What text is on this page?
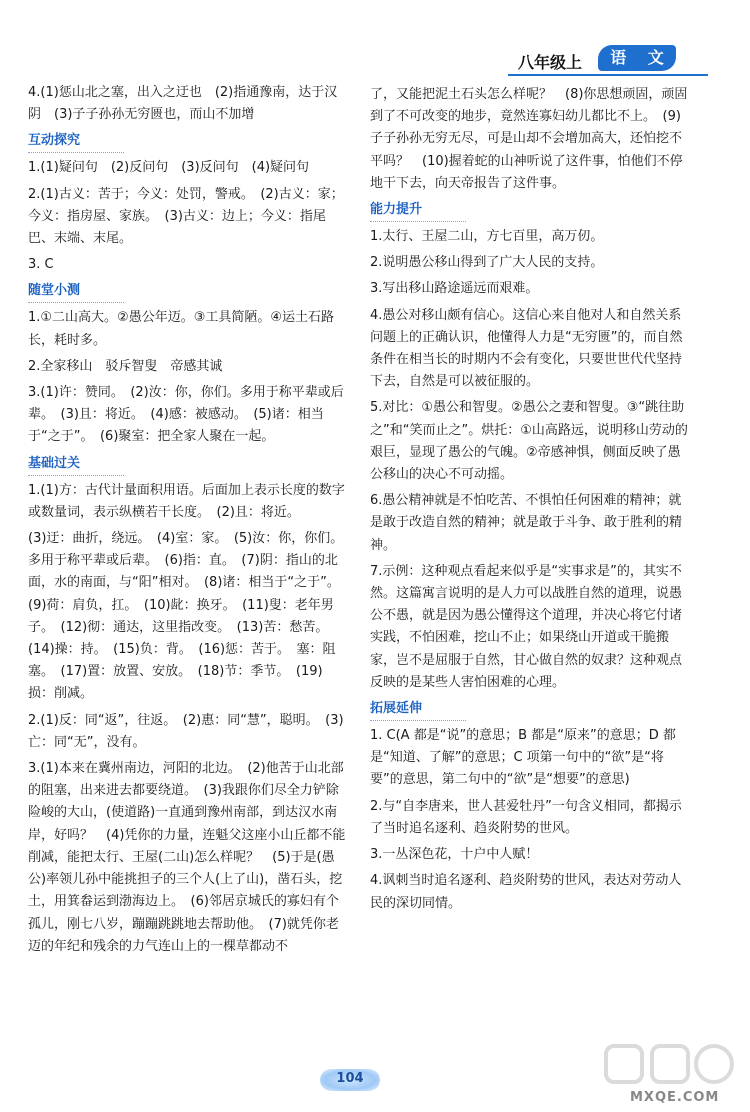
八年级上	语 文

4.(1)惩山北之塞，出入之迂也　(2)指通豫南，达于汉阴　(3)子子孙孙无穷匮也，而山不加增

互动探究

1.(1)疑问句　(2)反问句　(3)反问句　(4)疑问句

2.(1)古义：苦于；今义：处罚，警戒。　(2)古义：家；今义：指房屋、家族。　(3)古义：边上；今义：指尾巴、末端、末尾。

3. C

随堂小测

1.①二山高大。②愚公年迈。③工具简陋。④运土石路长，耗时多。

2.全家移山　驳斥智叟　帝感其诚

3.(1)许：赞同。　(2)汝：你，你们。多用于称平辈或后辈。　(3)且：将近。　(4)感：被感动。　(5)诸：相当于“之于”。　(6)聚室：把全家人聚在一起。

基础过关

1.(1)方：古代计量面积用语。后面加上表示长度的数字或数量词，表示纵横若干长度。　(2)且：将近。

(3)迂：曲折，绕远。　(4)室：家。　(5)汝：你，你们。多用于称平辈或后辈。　(6)指：直。　(7)阴：指山的北面，水的南面，与“阳”相对。　(8)诸：相当于“之于”。　(9)荷：肩负，扛。　(10)龀：换牙。　(11)叟：老年男子。　(12)彻：通达，这里指改变。　(13)苦：愁苦。　(14)操：持。　(15)负：背。　(16)惩：苦于。　塞：阻塞。　(17)置：放置、安放。　(18)节：季节。　(19)损：削减。

2.(1)反：同“返”，往返。　(2)惠：同“慧”，聪明。　(3)亡：同“无”，没有。

3.(1)本来在冀州南边，河阳的北边。　(2)他苦于山北部的阻塞，出来进去都要绕道。　(3)我跟你们尽全力铲除险峻的大山，(使道路)一直通到豫州南部，到达汉水南岸，好吗？　(4)凭你的力量，连魁父这座小山丘都不能削减，能把太行、王屋(二山)怎么样呢？　(5)于是(愚公)率领儿孙中能挑担子的三个人(上了山)，凿石头，挖土，用箕畚运到渤海边上。　(6)邻居京城氏的寡妇有个孤儿，刚七八岁，蹦蹦跳跳地去帮助他。　(7)就凭你老迈的年纪和残余的力气连山上的一棵草都动不

了，又能把泥土石头怎么样呢？　(8)你思想顽固，顽固到了不可改变的地步，竟然连寡妇幼儿都比不上。　(9)子子孙孙无穷无尽，可是山却不会增加高大，还怕挖不平吗？　(10)握着蛇的山神听说了这件事，怕他们不停地干下去，向天帝报告了这件事。

能力提升

1.太行、王屋二山，方七百里，高万仞。

2.说明愚公移山得到了广大人民的支持。

3.写出移山路途遥远而艰难。

4.愚公对移山颇有信心。这信心来自他对人和自然关系问题上的正确认识，他懂得人力是“无穷匮”的，而自然条件在相当长的时期内不会有变化，只要世世代代坚持下去，自然是可以被征服的。

5.对比：①愚公和智叟。②愚公之妻和智叟。③“跳往助之”和“笑而止之”。烘托：①山高路远，说明移山劳动的艰巨，显现了愚公的气魄。②帝感神惧，侧面反映了愚公移山的决心不可动摇。

6.愚公精神就是不怕吃苦、不惧怕任何困难的精神；就是敢于改造自然的精神；就是敢于斗争、敢于胜利的精神。

7.示例：这种观点看起来似乎是“实事求是”的，其实不然。这篇寓言说明的是人力可以战胜自然的道理，说愚公不愚，就是因为愚公懂得这个道理，并决心将它付诸实践，不怕困难，挖山不止；如果绕山开道或干脆搬家，岂不是屈服于自然，甘心做自然的奴隶？这种观点反映的是某些人害怕困难的心理。

拓展延伸

1. C(A 都是“说”的意思；B 都是“原来”的意思；D 都是“知道、了解”的意思；C 项第一句中的“欲”是“将要”的意思，第二句中的“欲”是“想要”的意思)

2.与“自李唐来，世人甚爱牡丹”一句含义相同，都揭示了当时追名逐利、趋炎附势的世风。

3.一丛深色花，十户中人赋！

4.讽刺当时追名逐利、趋炎附势的世风，表达对劳动人民的深切同情。

104
MXQE.COM
